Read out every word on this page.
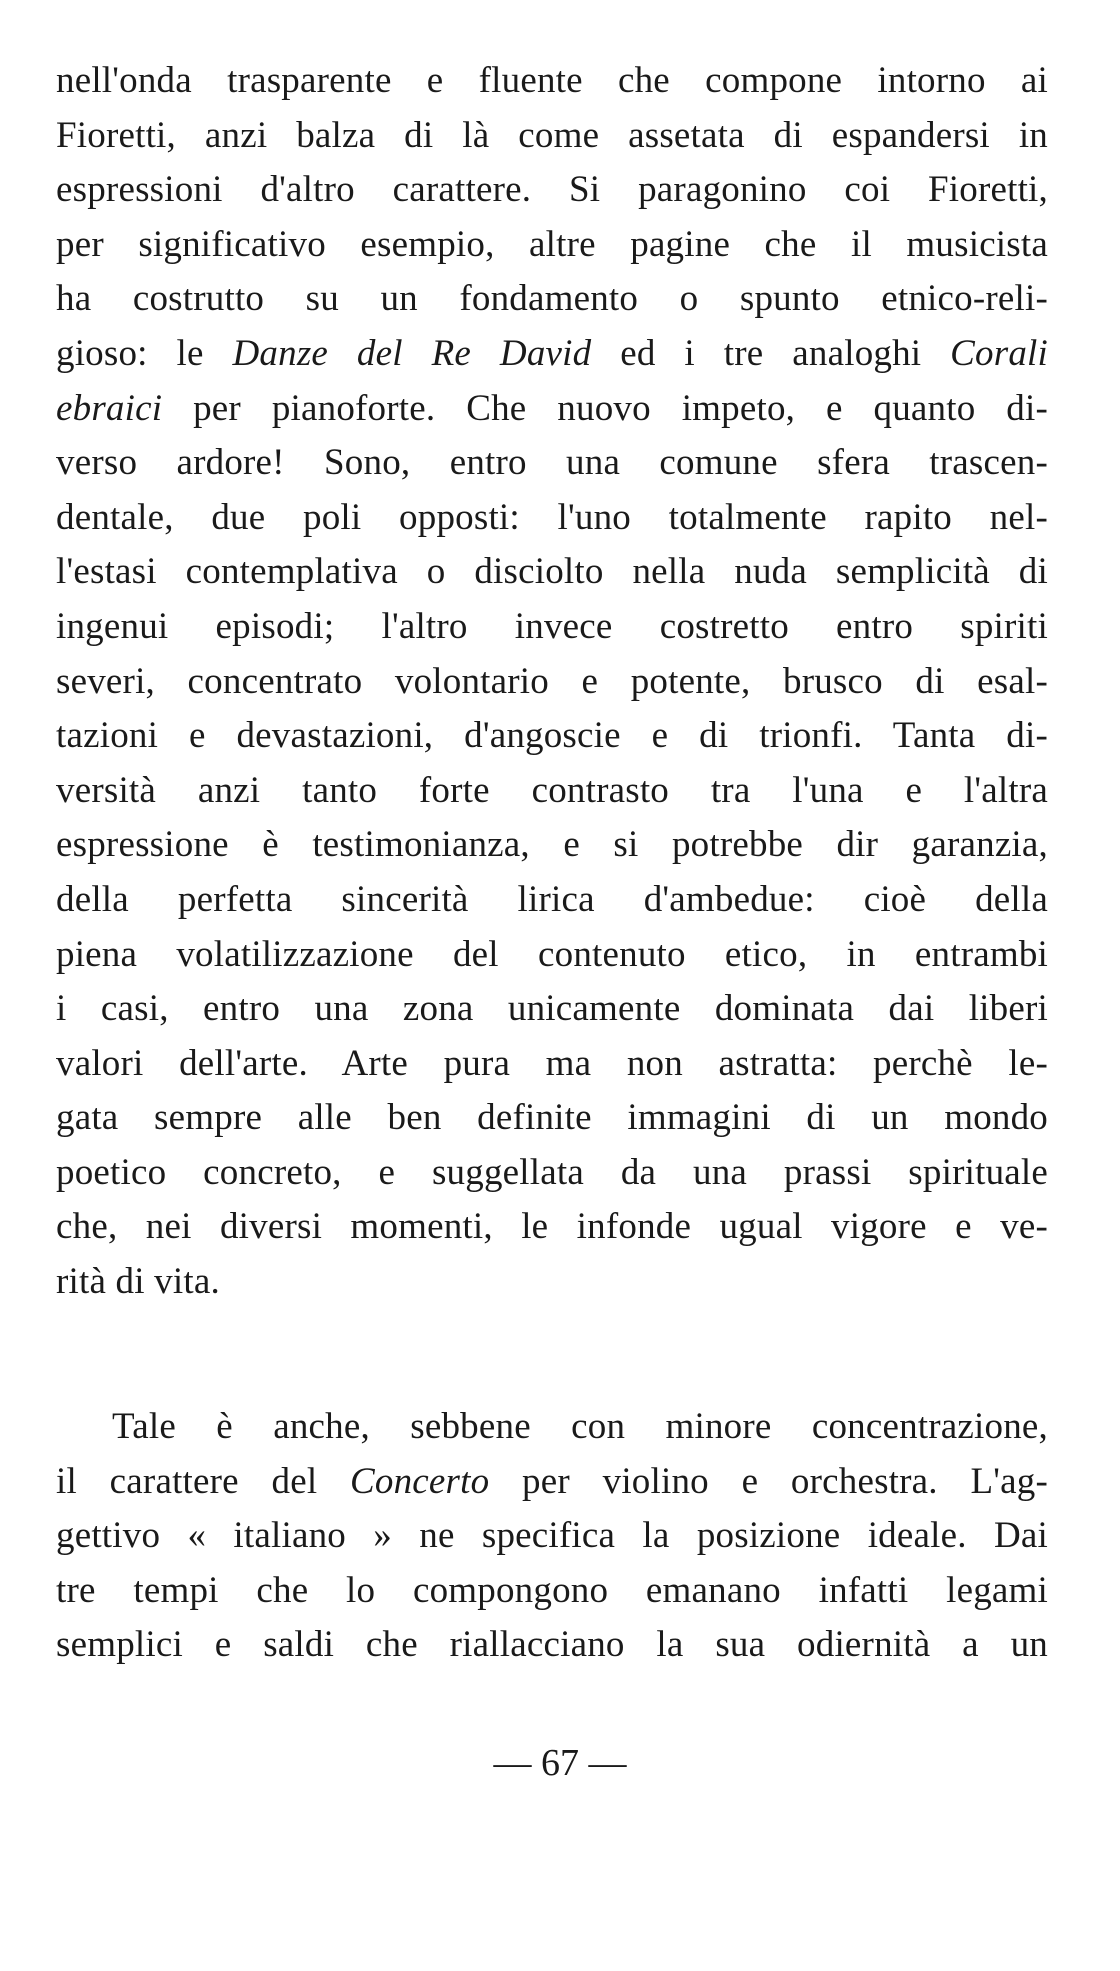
nell'onda trasparente e fluente che compone intorno ai
Fioretti, anzi balza di là come assetata di espandersi in
espressioni d'altro carattere. Si paragonino coi Fioretti,
per significativo esempio, altre pagine che il musicista
ha costrutto su un fondamento o spunto etnico-reli-
gioso: le Danze del Re David ed i tre analoghi Corali
ebraici per pianoforte. Che nuovo impeto, e quanto di-
verso ardore! Sono, entro una comune sfera trascen-
dentale, due poli opposti: l'uno totalmente rapito nel-
l'estasi contemplativa o disciolto nella nuda semplicità di
ingenui episodi; l'altro invece costretto entro spiriti
severi, concentrato volontario e potente, brusco di esal-
tazioni e devastazioni, d'angoscie e di trionfi. Tanta di-
versità anzi tanto forte contrasto tra l'una e l'altra
espressione è testimonianza, e si potrebbe dir garanzia,
della perfetta sincerità lirica d'ambedue: cioè della
piena volatilizzazione del contenuto etico, in entrambi
i casi, entro una zona unicamente dominata dai liberi
valori dell'arte. Arte pura ma non astratta: perchè le-
gata sempre alle ben definite immagini di un mondo
poetico concreto, e suggellata da una prassi spirituale
che, nei diversi momenti, le infonde ugual vigore e ve-
rità di vita.
Tale è anche, sebbene con minore concentrazione,
il carattere del Concerto per violino e orchestra. L'ag-
gettivo « italiano » ne specifica la posizione ideale. Dai
tre tempi che lo compongono emanano infatti legami
semplici e saldi che riallacciano la sua odiernità a un
— 67 —
